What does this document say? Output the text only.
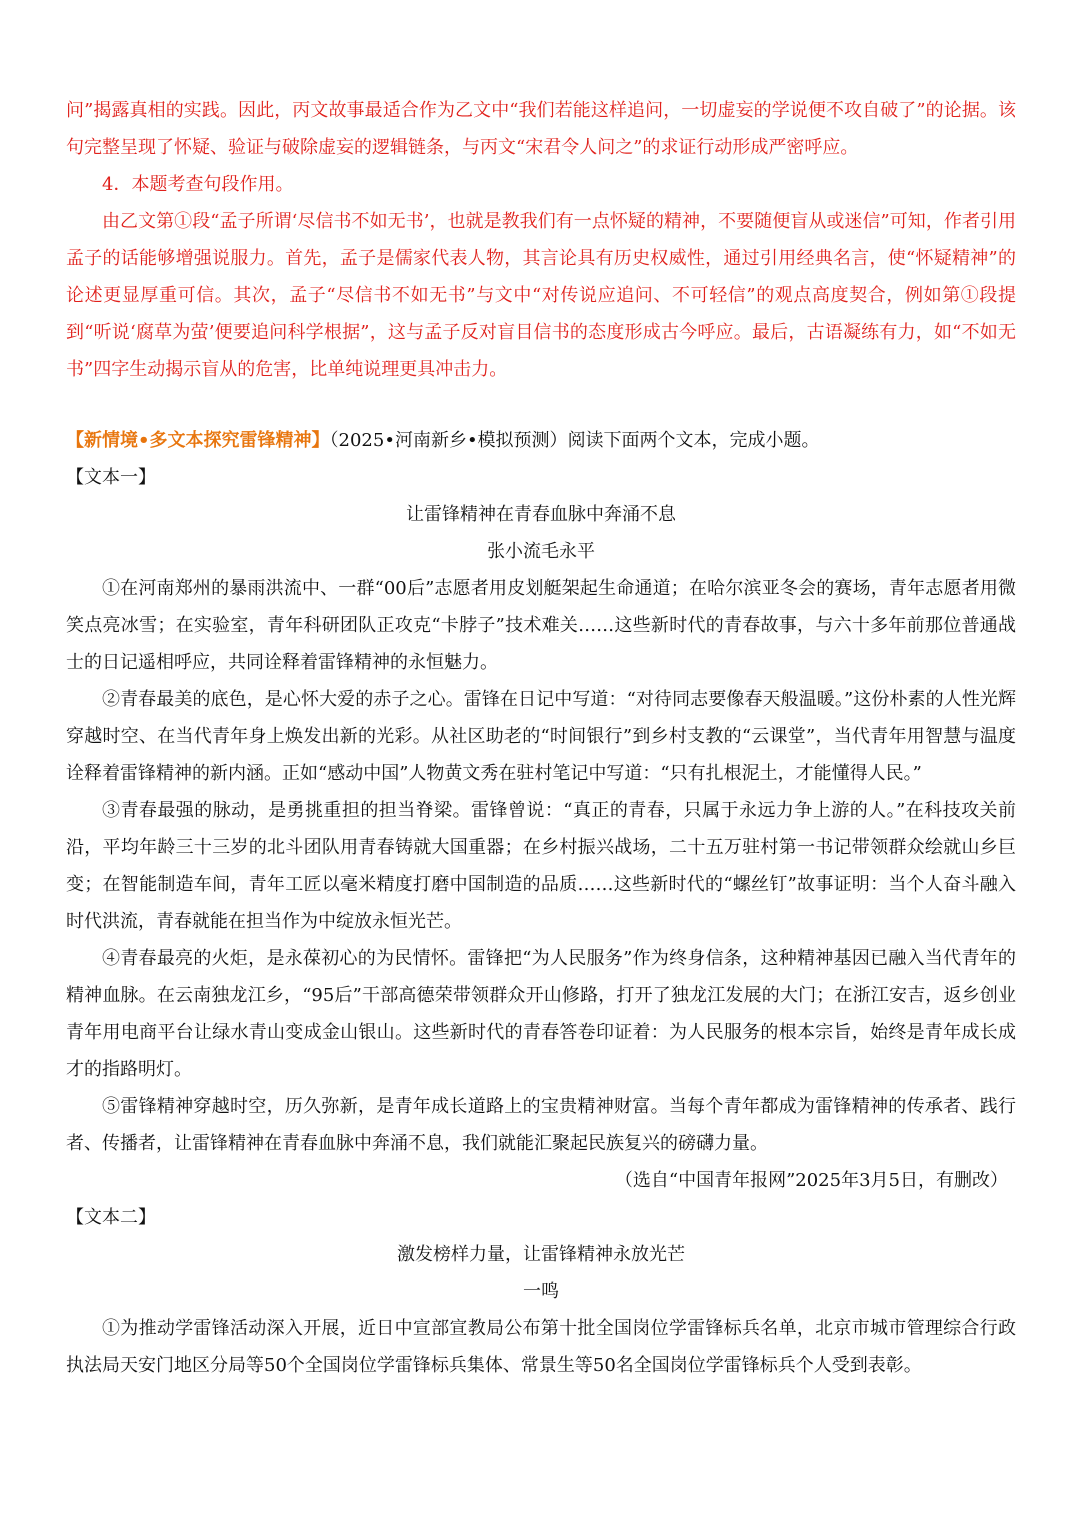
问”揭露真相的实践。因此，丙文故事最适合作为乙文中“我们若能这样追问，一切虚妄的学说便不攻自破了”的论据。该句完整呈现了怀疑、验证与破除虚妄的逻辑链条，与丙文“宋君令人问之”的求证行动形成严密呼应。

4．本题考查句段作用。

由乙文第①段“孟子所谓‘尽信书不如无书’，也就是教我们有一点怀疑的精神，不要随便盲从或迷信”可知，作者引用孟子的话能够增强说服力。首先，孟子是儒家代表人物，其言论具有历史权威性，通过引用经典名言，使“怀疑精神”的论述更显厚重可信。其次，孟子“尽信书不如无书”与文中“对传说应追问、不可轻信”的观点高度契合，例如第①段提到“听说‘腐草为萤’便要追问科学根据”，这与孟子反对盲目信书的态度形成古今呼应。最后，古语凝练有力，如“不如无书”四字生动揭示盲从的危害，比单纯说理更具冲击力。

【新情境•多文本探究雷锋精神】（2025•河南新乡•模拟预测）阅读下面两个文本，完成小题。

【文本一】

让雷锋精神在青春血脉中奔涌不息

张小流毛永平

①在河南郑州的暴雨洪流中、一群“00后”志愿者用皮划艇架起生命通道；在哈尔滨亚冬会的赛场，青年志愿者用微笑点亮冰雪；在实验室，青年科研团队正攻克“卡脖子”技术难关……这些新时代的青春故事，与六十多年前那位普通战士的日记遥相呼应，共同诠释着雷锋精神的永恒魅力。

②青春最美的底色，是心怀大爱的赤子之心。雷锋在日记中写道：“对待同志要像春天般温暖。”这份朴素的人性光辉穿越时空、在当代青年身上焕发出新的光彩。从社区助老的“时间银行”到乡村支教的“云课堂”，当代青年用智慧与温度诠释着雷锋精神的新内涵。正如“感动中国”人物黄文秀在驻村笔记中写道：“只有扎根泥土，才能懂得人民。”

③青春最强的脉动，是勇挑重担的担当脊梁。雷锋曾说：“真正的青春，只属于永远力争上游的人。”在科技攻关前沿，平均年龄三十三岁的北斗团队用青春铸就大国重器；在乡村振兴战场，二十五万驻村第一书记带领群众绘就山乡巨变；在智能制造车间，青年工匠以毫米精度打磨中国制造的品质……这些新时代的“螺丝钉”故事证明：当个人奋斗融入时代洪流，青春就能在担当作为中绽放永恒光芒。

④青春最亮的火炬，是永葆初心的为民情怀。雷锋把“为人民服务”作为终身信条，这种精神基因已融入当代青年的精神血脉。在云南独龙江乡，“95后”干部高德荣带领群众开山修路，打开了独龙江发展的大门；在浙江安吉，返乡创业青年用电商平台让绿水青山变成金山银山。这些新时代的青春答卷印证着：为人民服务的根本宗旨，始终是青年成长成才的指路明灯。

⑤雷锋精神穿越时空，历久弥新，是青年成长道路上的宝贵精神财富。当每个青年都成为雷锋精神的传承者、践行者、传播者，让雷锋精神在青春血脉中奔涌不息，我们就能汇聚起民族复兴的磅礴力量。

（选自“中国青年报网”2025年3月5日，有删改）

【文本二】

激发榜样力量，让雷锋精神永放光芒

一鸣

①为推动学雷锋活动深入开展，近日中宣部宣教局公布第十批全国岗位学雷锋标兵名单，北京市城市管理综合行政执法局天安门地区分局等50个全国岗位学雷锋标兵集体、常景生等50名全国岗位学雷锋标兵个人受到表彰。
